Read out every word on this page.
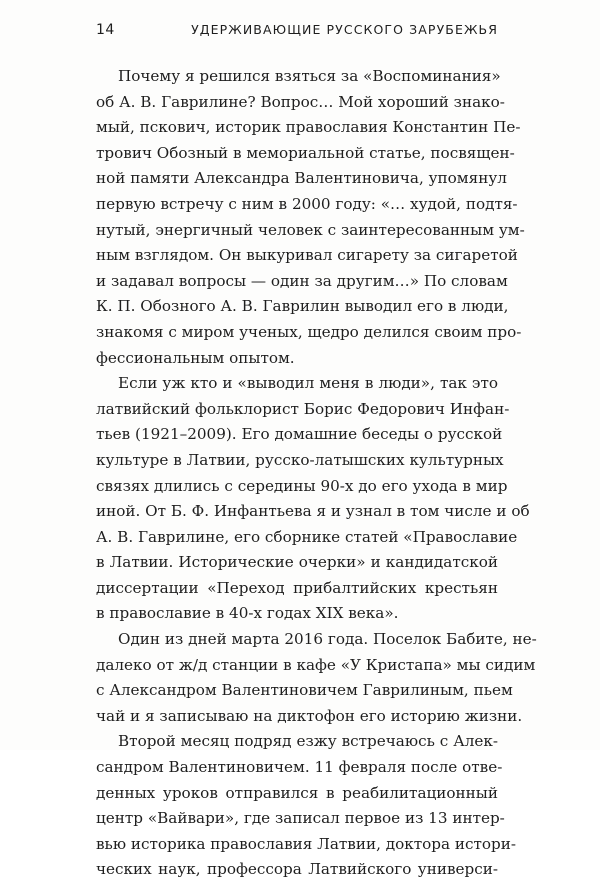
14	УДЕРЖИВАЮЩИЕ РУССКОГО ЗАРУБЕЖЬЯ
Почему я решился взяться за «Воспоминания»
об А. В. Гаврилине? Вопрос… Мой хороший знако-
мый, пскович, историк православия Константин Пе-
трович Обозный в мемориальной статье, посвящен-
ной памяти Александра Валентиновича, упомянул
первую встречу с ним в 2000 году: «… худой, подтя-
нутый, энергичный человек с заинтересованным ум-
ным взглядом. Он выкуривал сигарету за сигаретой
и задавал вопросы — один за другим…» По словам
К. П. Обозного А. В. Гаврилин выводил его в люди,
знакомя с миром ученых, щедро делился своим про-
фессиональным опытом.
Если уж кто и «выводил меня в люди», так это
латвийский фольклорист Борис Федорович Инфан-
тьев (1921–2009). Его домашние беседы о русской
культуре в Латвии, русско-латышских культурных
связях длились с середины 90-х до его ухода в мир
иной. От Б. Ф. Инфантьева я и узнал в том числе и об
А. В. Гаврилине, его сборнике статей «Православие
в Латвии. Исторические очерки» и кандидатской
диссертации «Переход прибалтийских крестьян
в православие в 40-х годах XIX века».
Один из дней марта 2016 года. Поселок Бабите, не-
далеко от ж/д станции в кафе «У Кристапа» мы сидим
с Александром Валентиновичем Гаврилиным, пьем
чай и я записываю на диктофон его историю жизни.
Второй месяц подряд езжу встречаюсь с Алек-
сандром Валентиновичем. 11 февраля после отве-
денных уроков отправился в реабилитационный
центр «Вайвари», где записал первое из 13 интер-
вью историка православия Латвии, доктора истори-
ческих наук, профессора Латвийского универси-
